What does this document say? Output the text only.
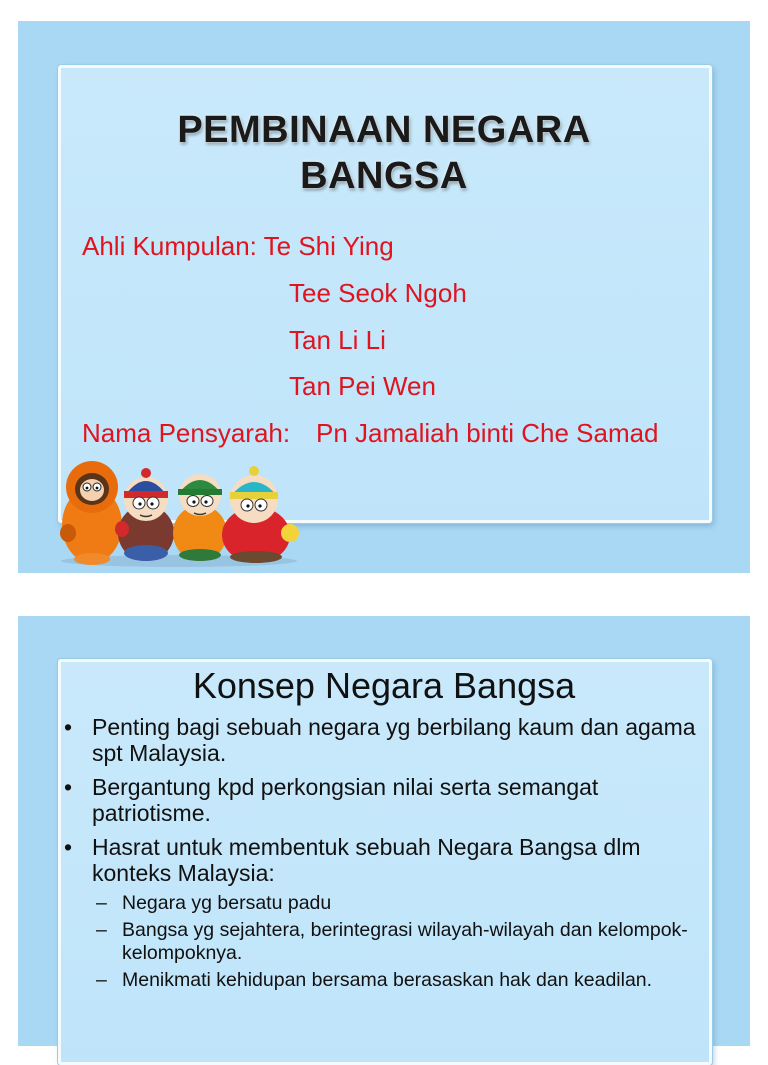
PEMBINAAN NEGARA
BANGSA
Ahli Kumpulan: Te Shi Ying
Tee Seok Ngoh
Tan Li Li
Tan Pei Wen
Nama Pensyarah: Pn Jamaliah binti Che Samad
Konsep Negara Bangsa
• Penting bagi sebuah negara yg berbilang kaum dan agama spt Malaysia.
• Bergantung kpd perkongsian nilai serta semangat patriotisme.
• Hasrat untuk membentuk sebuah Negara Bangsa dlm konteks Malaysia:
– Negara yg bersatu padu
– Bangsa yg sejahtera, berintegrasi wilayah-wilayah dan kelompok-kelompoknya.
– Menikmati kehidupan bersama berasaskan hak dan keadilan.
